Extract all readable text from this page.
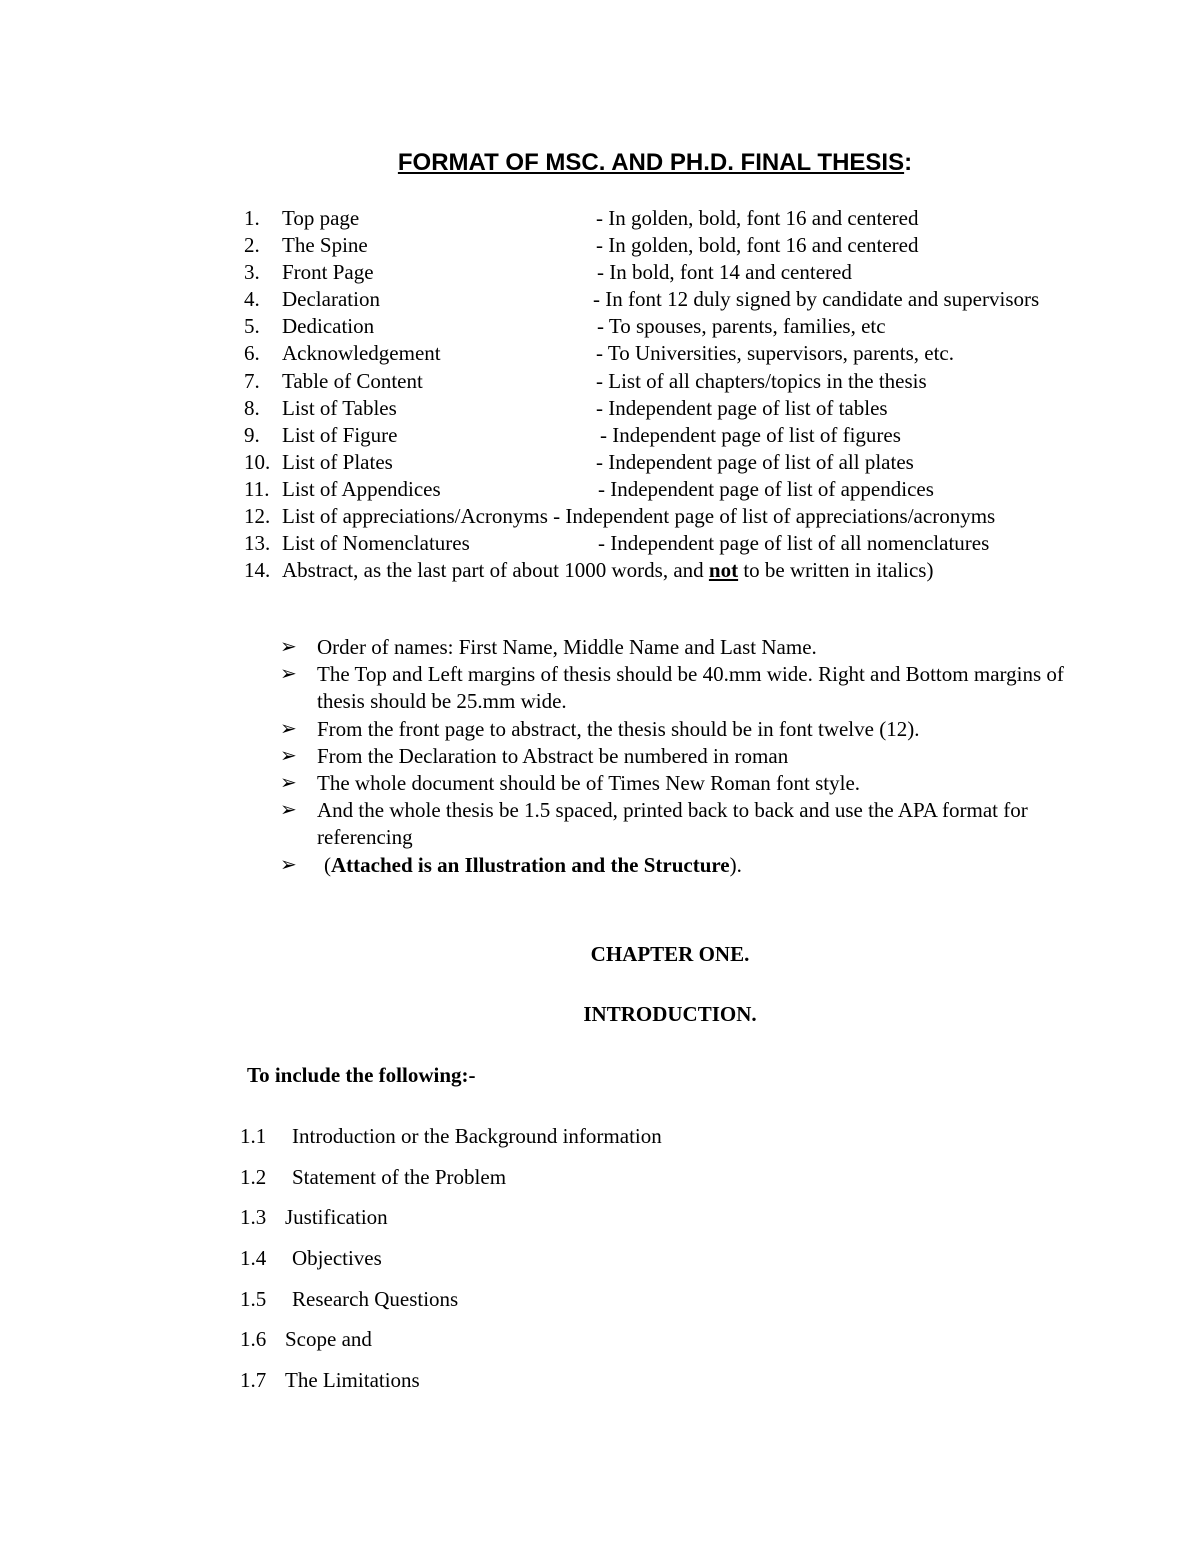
FORMAT OF MSC. AND PH.D. FINAL THESIS:
1.	Top page	- In golden, bold, font 16 and centered
2.	The Spine	- In golden, bold, font 16 and centered
3.	Front Page	- In bold, font 14 and centered
4.	Declaration	- In font 12 duly signed by candidate and supervisors
5.	Dedication	- To spouses, parents, families, etc
6.	Acknowledgement	- To Universities, supervisors, parents, etc.
7.	Table of Content	- List of all chapters/topics in the thesis
8.	List of Tables	- Independent page of list of tables
9.	List of Figure	- Independent page of list of figures
10. List of Plates	- Independent page of list of all plates
11. List of Appendices	- Independent page of list of appendices
12. List of appreciations/Acronyms - Independent page of list of appreciations/acronyms
13. List of Nomenclatures	- Independent page of list of all nomenclatures
14. Abstract, as the last part of about 1000 words, and not to be written in italics)
➢ Order of names: First Name, Middle Name and Last Name.
➢ The Top and Left margins of thesis should be 40.mm wide. Right and Bottom margins of thesis should be 25.mm wide.
➢ From the front page to abstract, the thesis should be in font twelve (12).
➢ From the Declaration to Abstract be numbered in roman
➢ The whole document should be of Times New Roman font style.
➢ And the whole thesis be 1.5 spaced, printed back to back and use the APA format for referencing
➢ (Attached is an Illustration and the Structure).
CHAPTER ONE.
INTRODUCTION.

To include the following:-

1.1 Introduction or the Background information
1.2 Statement of the Problem
1.3 Justification
1.4 Objectives
1.5 Research Questions
1.6 Scope and
1.7 The Limitations
